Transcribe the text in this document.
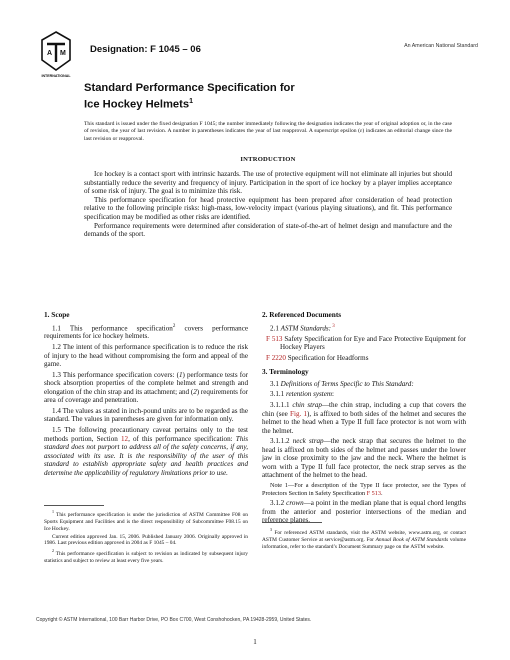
A M
INTERNATIONAL
Designation: F 1045 – 06	An American National Standard
Standard Performance Specification for
Ice Hockey Helmets$^1$
This standard is issued under the fixed designation F 1045; the number immediately following the designation indicates the year of original adoption or, in the case of revision, the year of last revision. A number in parentheses indicates the year of last reapproval. A superscript epsilon (ε) indicates an editorial change since the last revision or reapproval.
INTRODUCTION

Ice hockey is a contact sport with intrinsic hazards. The use of protective equipment will not eliminate all injuries but should substantially reduce the severity and frequency of injury. Participation in the sport of ice hockey by a player implies acceptance of some risk of injury. The goal is to minimize this risk.

This performance specification for head protective equipment has been prepared after consideration of head protection relative to the following principle risks: high-mass, low-velocity impact (various playing situations), and fit. This performance specification may be modified as other risks are identified.

Performance requirements were determined after consideration of state-of-the-art of helmet design and manufacture and the demands of the sport.

1. Scope

1.1 This performance specification$^2$ covers performance requirements for ice hockey helmets.

1.2 The intent of this performance specification is to reduce the risk of injury to the head without compromising the form and appeal of the game.

1.3 This performance specification covers: (1) performance tests for shock absorption properties of the complete helmet and strength and elongation of the chin strap and its attachment; and (2) requirements for area of coverage and penetration.

1.4 The values as stated in inch-pound units are to be regarded as the standard. The values in parentheses are given for information only.

1.5 The following precautionary caveat pertains only to the test methods portion, Section 12, of this performance specification: This standard does not purport to address all of the safety concerns, if any, associated with its use. It is the responsibility of the user of this standard to establish appropriate safety and health practices and determine the applicability of regulatory limitations prior to use.

2. Referenced Documents

2.1 ASTM Standards: $^3$

F 513 Safety Specification for Eye and Face Protective Equipment for Hockey Players

F 2220 Specification for Headforms

3. Terminology

3.1 Definitions of Terms Specific to This Standard:

3.1.1 retention system:

3.1.1.1 chin strap—the chin strap, including a cup that covers the chin (see Fig. 1), is affixed to both sides of the helmet and secures the helmet to the head when a Type II full face protector is not worn with the helmet.

3.1.1.2 neck strap—the neck strap that secures the helmet to the head is affixed on both sides of the helmet and passes under the lower jaw in close proximity to the jaw and the neck. Where the helmet is worn with a Type II full face protector, the neck strap serves as the attachment of the helmet to the head.

Note 1—For a description of the Type II face protector, see the Types of Protectors Section in Safety Specification F 513.

3.1.2 crown—a point in the median plane that is equal chord lengths from the anterior and posterior intersections of the median and reference planes.

$^1$ This performance specification is under the jurisdiction of ASTM Committee F08 on Sports Equipment and Facilities and is the direct responsibility of Subcommittee F08.15 on Ice Hockey.

Current edition approved Jan. 15, 2006. Published January 2006. Originally approved in 1986. Last previous edition approved in 2004 as F 1045 – 04.

$^2$ This performance specification is subject to revision as indicated by subsequent injury statistics and subject to review at least every five years.

$^3$ For referenced ASTM standards, visit the ASTM website, www.astm.org, or contact ASTM Customer Service at service@astm.org. For Annual Book of ASTM Standards volume information, refer to the standard’s Document Summary page on the ASTM website.

Copyright © ASTM International, 100 Barr Harbor Drive, PO Box C700, West Conshohocken, PA 19428-2959, United States.
1
